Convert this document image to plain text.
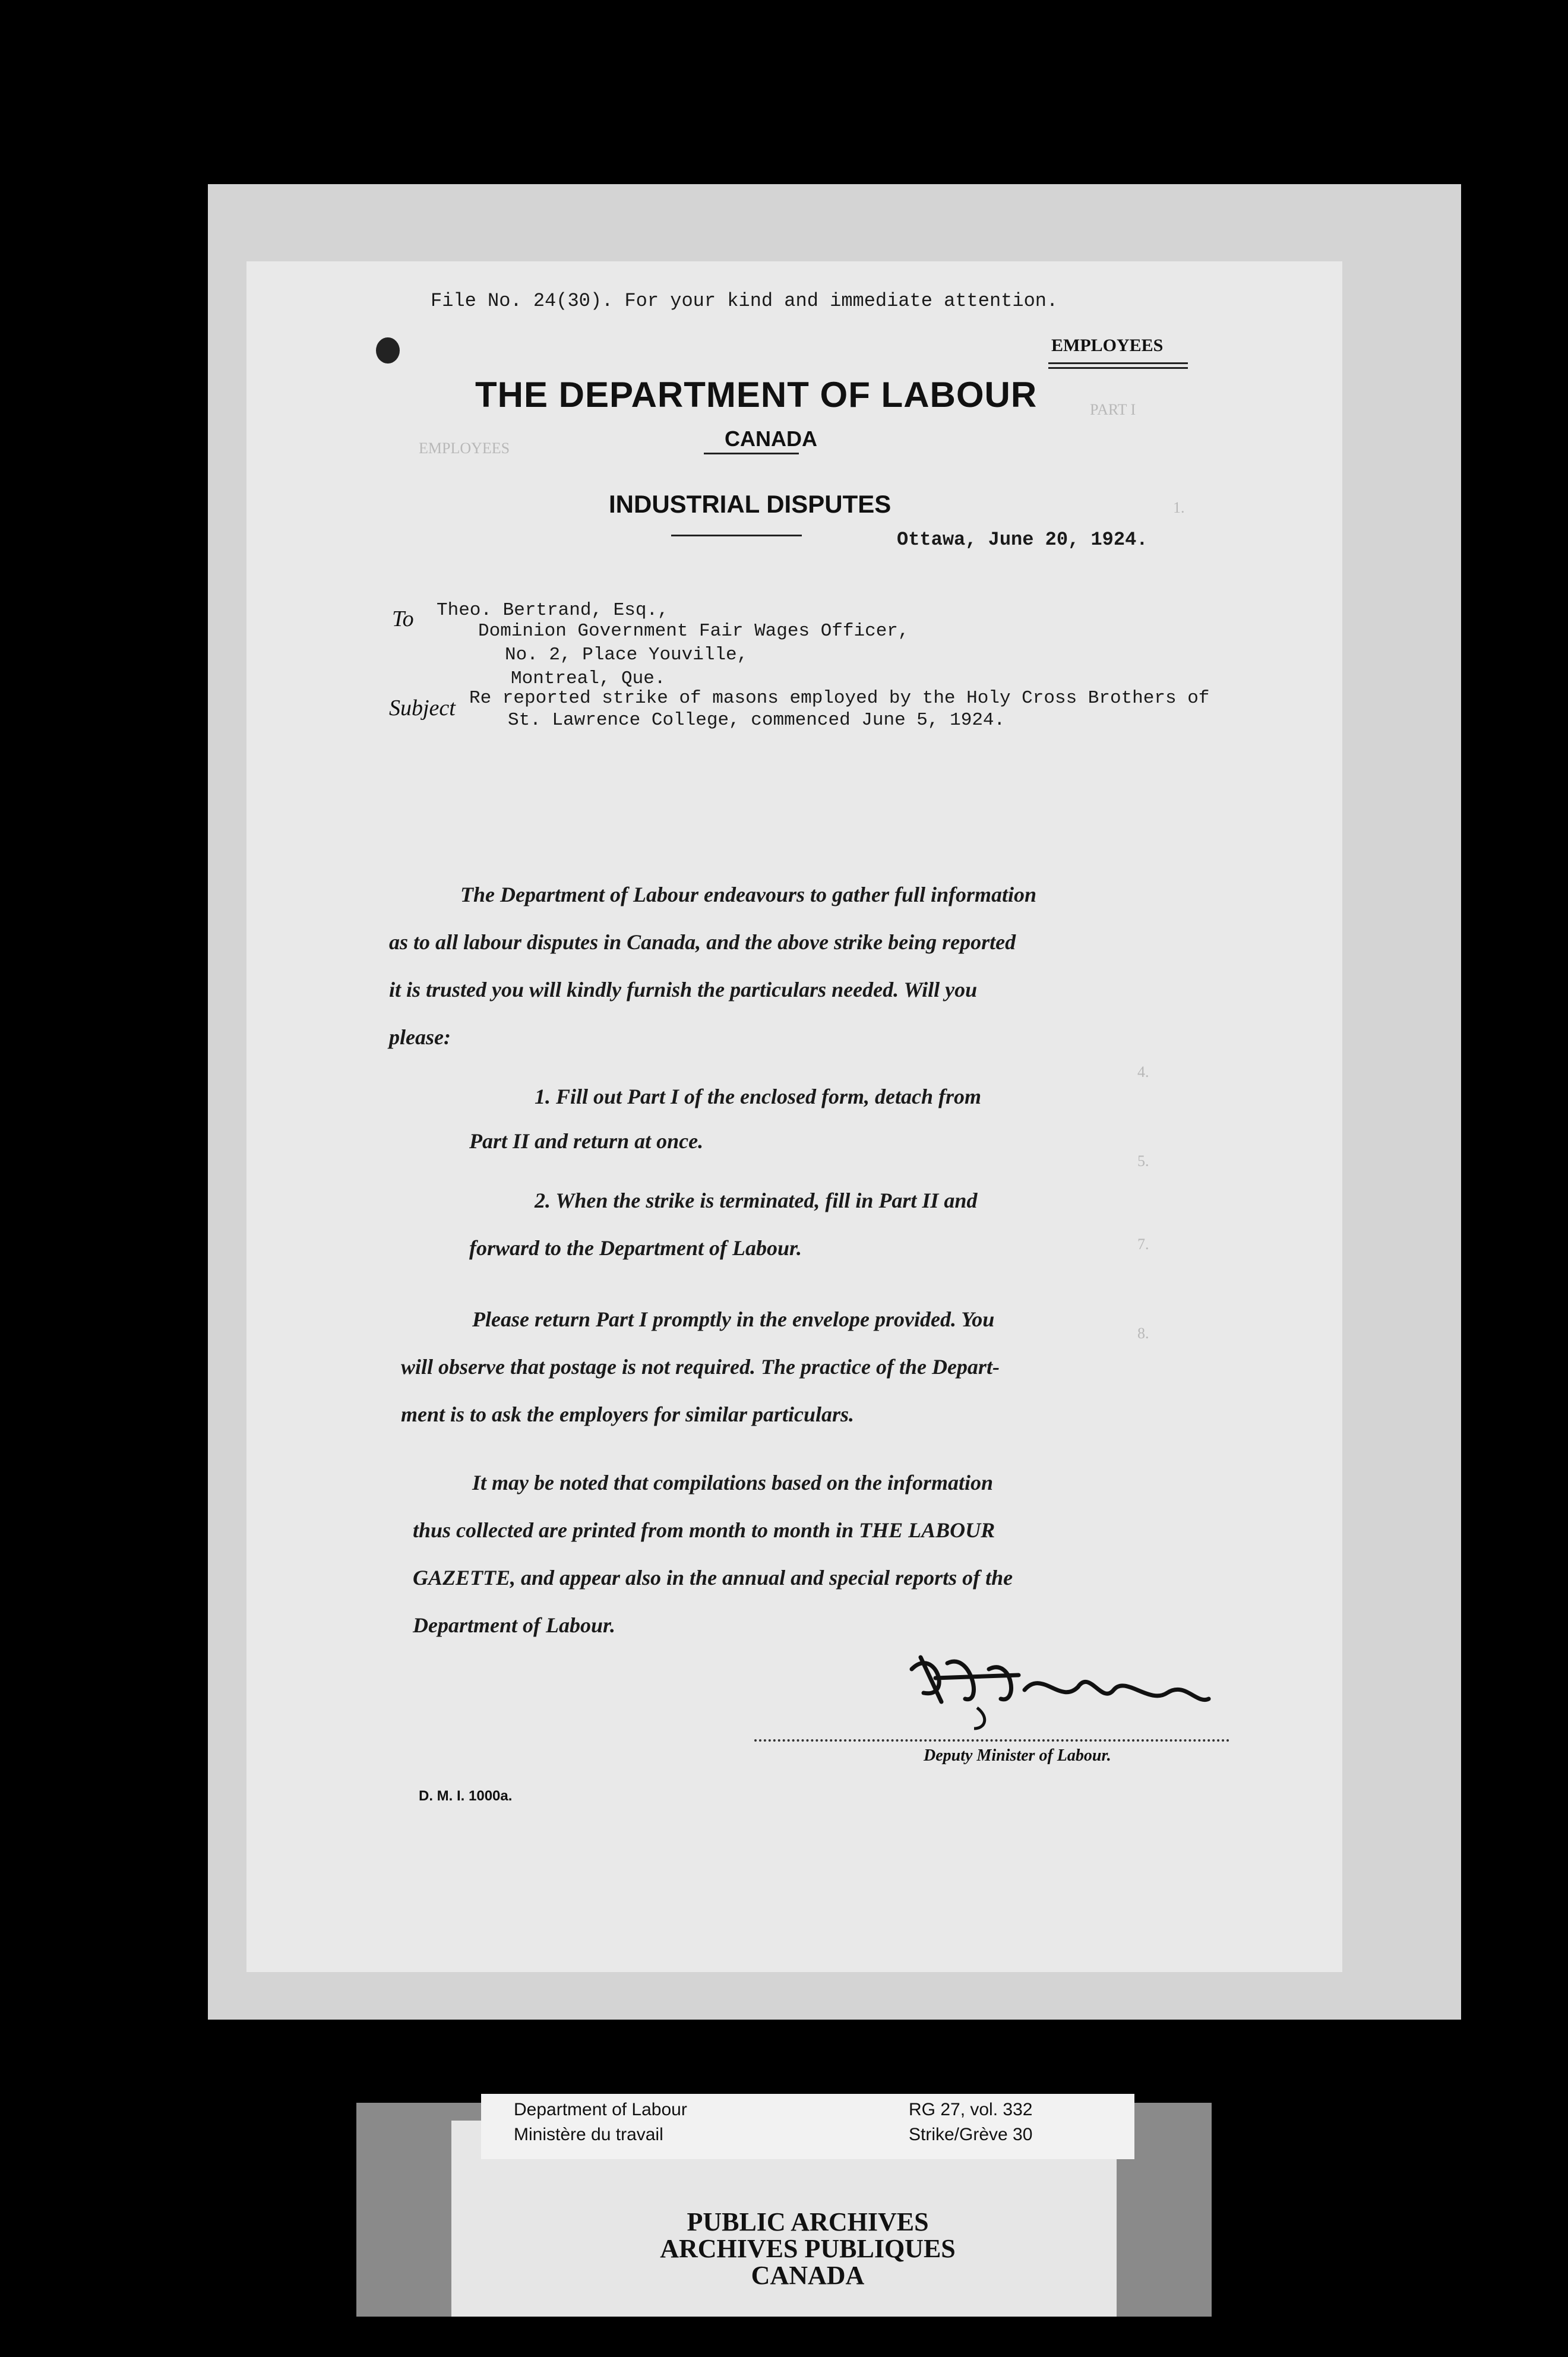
PART I
EMPLOYEES
1.
4.
5.
7.
8.
File No. 24(30). For your kind and immediate attention.
EMPLOYEES
THE DEPARTMENT OF LABOUR
CANADA
INDUSTRIAL DISPUTES
Ottawa, June 20, 1924.
To Theo. Bertrand, Esq.,
Dominion Government Fair Wages Officer,
No. 2, Place Youville,
Montreal, Que.
Subject Re reported strike of masons employed by the Holy Cross Brothers of
St. Lawrence College, commenced June 5, 1924.
The Department of Labour endeavours to gather full information
as to all labour disputes in Canada, and the above strike being reported
it is trusted you will kindly furnish the particulars needed. Will you
please:
1. Fill out Part I of the enclosed form, detach from
Part II and return at once.
2. When the strike is terminated, fill in Part II and
forward to the Department of Labour.
Please return Part I promptly in the envelope provided. You
will observe that postage is not required. The practice of the Depart-
ment is to ask the employers for similar particulars.
It may be noted that compilations based on the information
thus collected are printed from month to month in THE LABOUR
GAZETTE, and appear also in the annual and special reports of the
Department of Labour.
Deputy Minister of Labour.
D. M. I. 1000a.
Department of Labour
Ministère du travail
RG 27, vol. 332
Strike/Grève 30
PUBLIC ARCHIVES
ARCHIVES PUBLIQUES
CANADA
